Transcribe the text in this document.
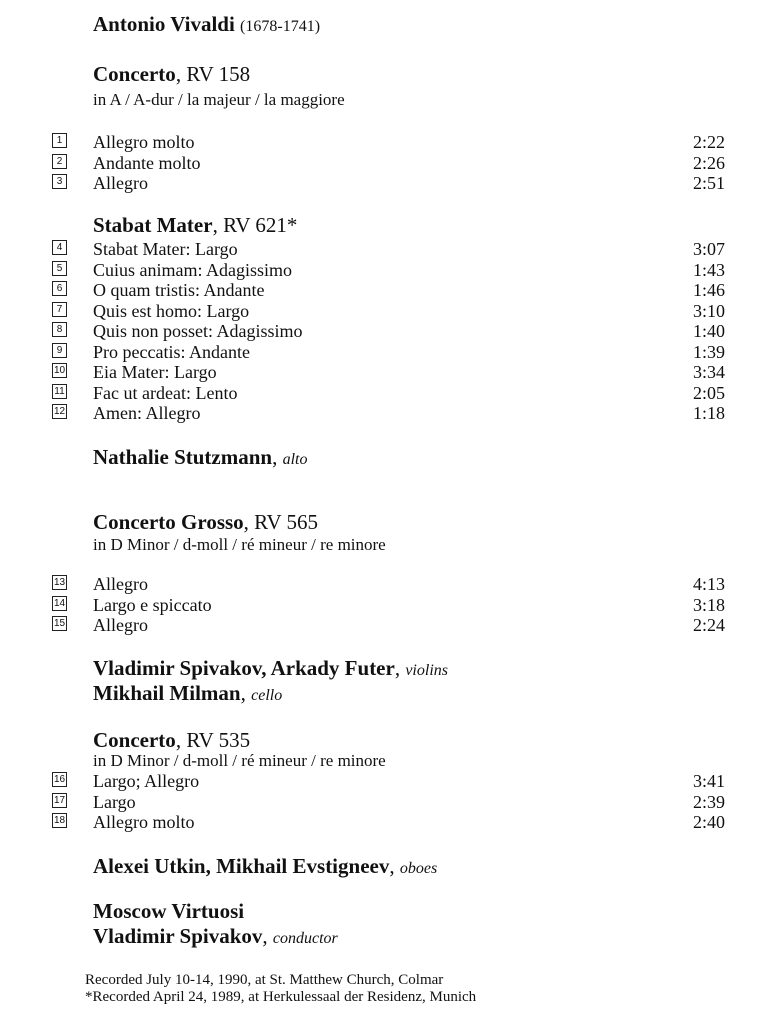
Antonio Vivaldi (1678-1741)
Concerto, RV 158
in A / A-dur / la majeur / la maggiore
1 Allegro molto	2:22
2 Andante molto	2:26
3 Allegro	2:51
Stabat Mater, RV 621*
4 Stabat Mater: Largo	3:07
5 Cuius animam: Adagissimo	1:43
6 O quam tristis: Andante	1:46
7 Quis est homo: Largo	3:10
8 Quis non posset: Adagissimo	1:40
9 Pro peccatis: Andante	1:39
10 Eia Mater: Largo	3:34
11 Fac ut ardeat: Lento	2:05
12 Amen: Allegro	1:18
Nathalie Stutzmann, alto
Concerto Grosso, RV 565
in D Minor / d-moll / ré mineur / re minore
13 Allegro	4:13
14 Largo e spiccato	3:18
15 Allegro	2:24
Vladimir Spivakov, Arkady Futer, violins
Mikhail Milman, cello
Concerto, RV 535
in D Minor / d-moll / ré mineur / re minore
16 Largo; Allegro	3:41
17 Largo	2:39
18 Allegro molto	2:40
Alexei Utkin, Mikhail Evstigneev, oboes
Moscow Virtuosi
Vladimir Spivakov, conductor
Recorded July 10-14, 1990, at St. Matthew Church, Colmar
*Recorded April 24, 1989, at Herkulessaal der Residenz, Munich
